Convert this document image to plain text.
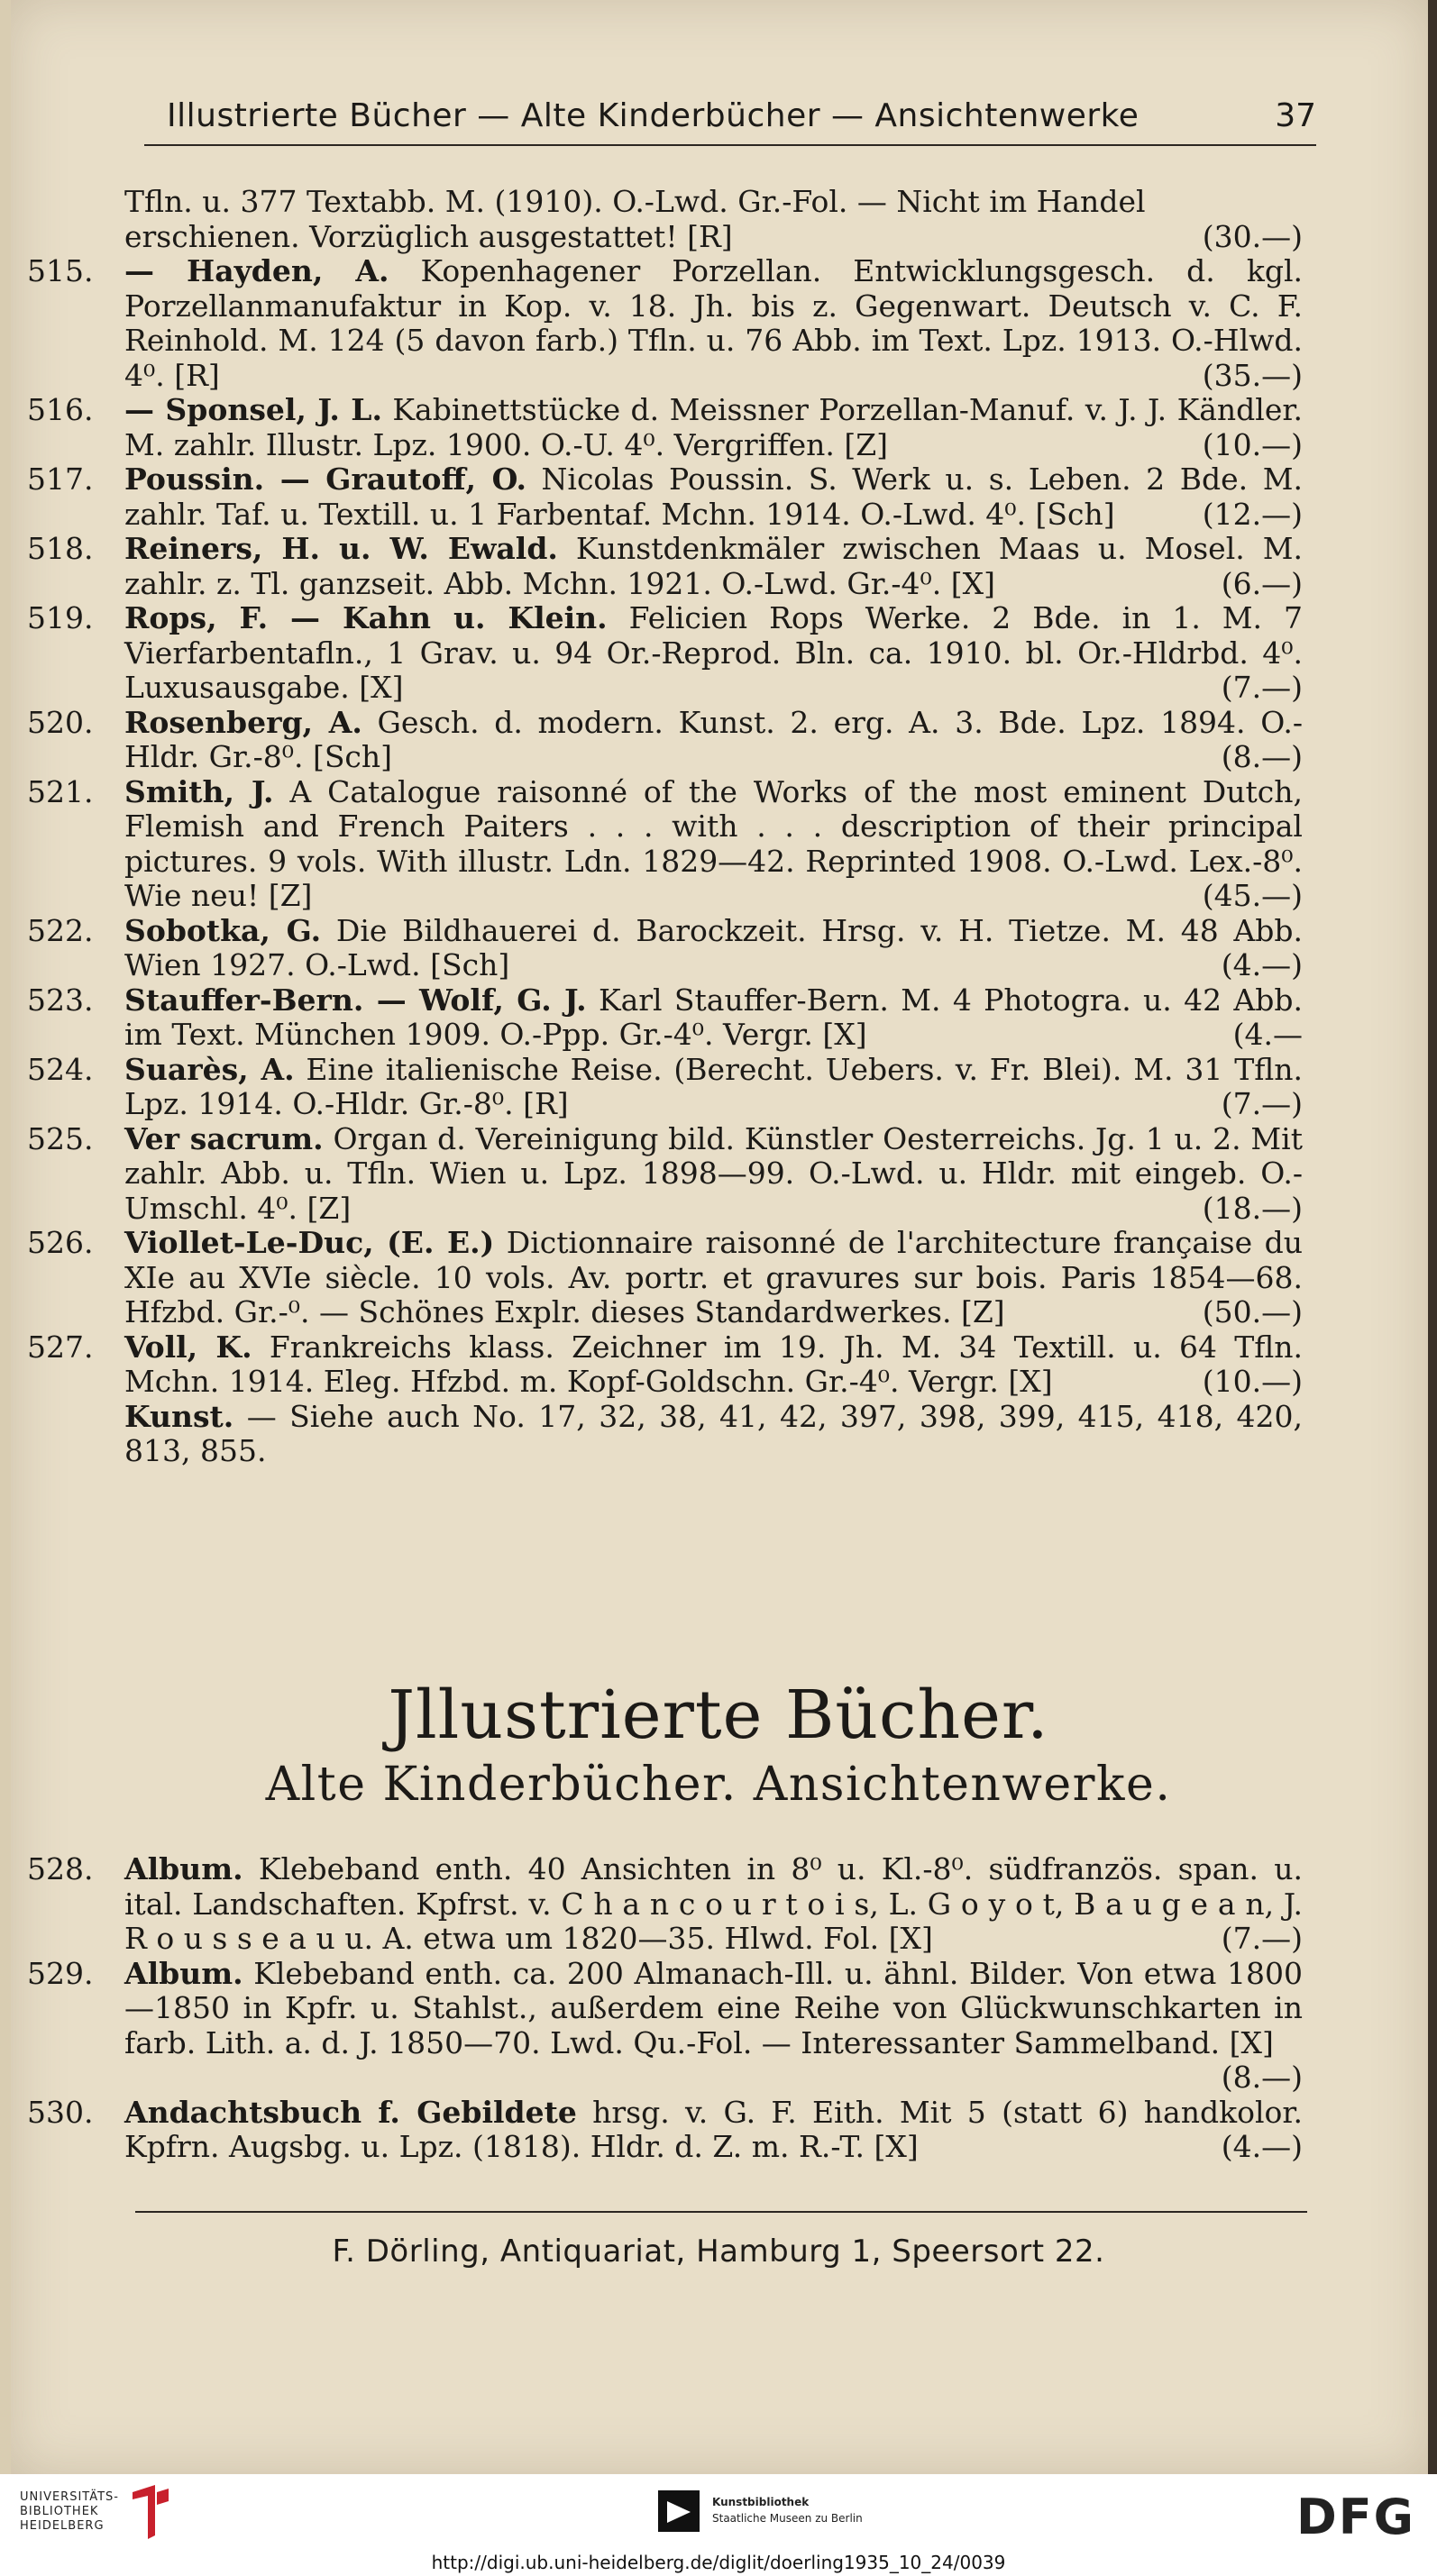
Illustrierte Bücher — Alte Kinderbücher — Ansichtenwerke	37
Tfln. u. 377 Textabb. M. (1910). O.-Lwd. Gr.-Fol. — Nicht im Handel
erschienen. Vorzüglich ausgestattet! [R]	(30.—)
515.	— Hayden, A. Kopenhagener Porzellan. Entwicklungsgesch. d. kgl. Porzellanmanufaktur in Kop. v. 18. Jh. bis z. Gegenwart. Deutsch v. C. F. Reinhold. M. 124 (5 davon farb.) Tfln. u. 76 Abb. im Text. Lpz. 1913. O.-Hlwd. 4⁰. [R]	(35.—)
516.	— Sponsel, J. L. Kabinettstücke d. Meissner Porzellan-Manuf. v. J. J. Kändler. M. zahlr. Illustr. Lpz. 1900. O.-U. 4⁰. Vergriffen. [Z]	(10.—)
517.	Poussin. — Grautoff, O. Nicolas Poussin. S. Werk u. s. Leben. 2 Bde. M. zahlr. Taf. u. Textill. u. 1 Farbentaf. Mchn. 1914. O.-Lwd. 4⁰. [Sch]	(12.—)
518.	Reiners, H. u. W. Ewald. Kunstdenkmäler zwischen Maas u. Mosel. M. zahlr. z. Tl. ganzseit. Abb. Mchn. 1921. O.-Lwd. Gr.-4⁰. [X]	(6.—)
519.	Rops, F. — Kahn u. Klein. Felicien Rops Werke. 2 Bde. in 1. M. 7 Vierfarbentafln., 1 Grav. u. 94 Or.-Reprod. Bln. ca. 1910. bl. Or.-Hldrbd. 4⁰. Luxusausgabe. [X]	(7.—)
520.	Rosenberg, A. Gesch. d. modern. Kunst. 2. erg. A. 3. Bde. Lpz. 1894. O.-Hldr. Gr.-8⁰. [Sch]	(8.—)
521.	Smith, J. A Catalogue raisonné of the Works of the most eminent Dutch, Flemish and French Paiters . . . with . . . description of their principal pictures. 9 vols. With illustr. Ldn. 1829—42. Reprinted 1908. O.-Lwd. Lex.-8⁰. Wie neu! [Z]	(45.—)
522.	Sobotka, G. Die Bildhauerei d. Barockzeit. Hrsg. v. H. Tietze. M. 48 Abb. Wien 1927. O.-Lwd. [Sch]	(4.—)
523.	Stauffer-Bern. — Wolf, G. J. Karl Stauffer-Bern. M. 4 Photogra. u. 42 Abb. im Text. München 1909. O.-Ppp. Gr.-4⁰. Vergr. [X]	(4.—
524.	Suarès, A. Eine italienische Reise. (Berecht. Uebers. v. Fr. Blei). M. 31 Tfln. Lpz. 1914. O.-Hldr. Gr.-8⁰. [R]	(7.—)
525.	Ver sacrum. Organ d. Vereinigung bild. Künstler Oesterreichs. Jg. 1 u. 2. Mit zahlr. Abb. u. Tfln. Wien u. Lpz. 1898—99. O.-Lwd. u. Hldr. mit eingeb. O.-Umschl. 4⁰. [Z]	(18.—)
526.	Viollet-Le-Duc, (E. E.) Dictionnaire raisonné de l'architecture française du XIe au XVIe siècle. 10 vols. Av. portr. et gravures sur bois. Paris 1854—68. Hfzbd. Gr.-⁰. — Schönes Explr. dieses Standardwerkes. [Z]	(50.—)
527.	Voll, K. Frankreichs klass. Zeichner im 19. Jh. M. 34 Textill. u. 64 Tfln. Mchn. 1914. Eleg. Hfzbd. m. Kopf-Goldschn. Gr.-4⁰. Vergr. [X]	(10.—)
Kunst. — Siehe auch No. 17, 32, 38, 41, 42, 397, 398, 399, 415, 418, 420, 813, 855.
Jllustrierte Bücher.
Alte Kinderbücher. Ansichtenwerke.
528.	Album. Klebeband enth. 40 Ansichten in 8⁰ u. Kl.-8⁰. südfranzös. span. u. ital. Landschaften. Kpfrst. v. C h a n c o u r t o i s, L. G o y o t, B a u g e a n, J. R o u s s e a u u. A. etwa um 1820—35. Hlwd. Fol. [X]	(7.—)
529.	Album. Klebeband enth. ca. 200 Almanach-Ill. u. ähnl. Bilder. Von etwa 1800—1850 in Kpfr. u. Stahlst., außerdem eine Reihe von Glückwunschkarten in farb. Lith. a. d. J. 1850—70. Lwd. Qu.-Fol. — Interessanter Sammelband. [X]
(8.—)
530.	Andachtsbuch f. Gebildete hrsg. v. G. F. Eith. Mit 5 (statt 6) handkolor. Kpfrn. Augsbg. u. Lpz. (1818). Hldr. d. Z. m. R.-T. [X]	(4.—)
F. Dörling, Antiquariat, Hamburg 1, Speersort 22.
UNIVERSITÄTS-
BIBLIOTHEK
HEIDELBERG
Kunstbibliothek
Staatliche Museen zu Berlin	DFG
http://digi.ub.uni-heidelberg.de/diglit/doerling1935_10_24/0039
